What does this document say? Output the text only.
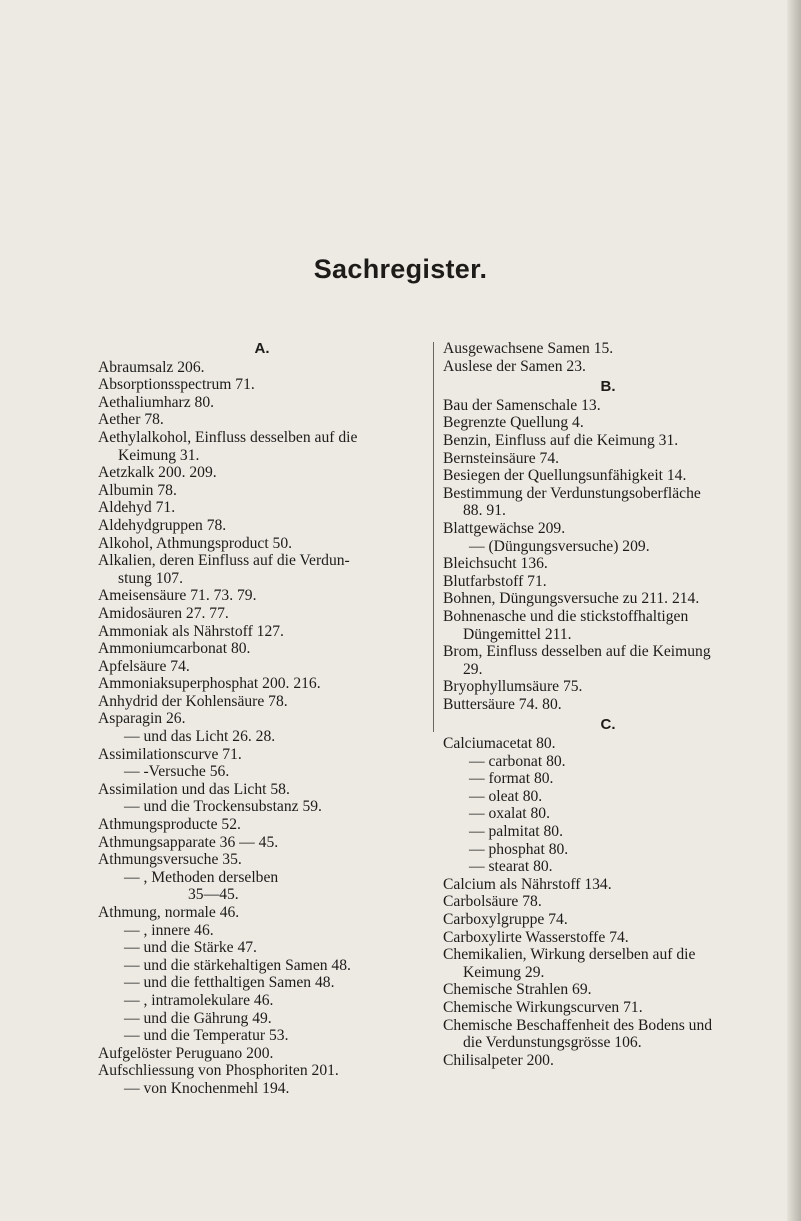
Sachregister.
A.
Abraumsalz 206.
Absorptionsspectrum 71.
Aethaliumharz 80.
Aether 78.
Aethylalkohol, Einfluss desselben auf die
Keimung 31.
Aetzkalk 200. 209.
Albumin 78.
Aldehyd 71.
Aldehydgruppen 78.
Alkohol, Athmungsproduct 50.
Alkalien, deren Einfluss auf die Verdun-
stung 107.
Ameisensäure 71. 73. 79.
Amidosäuren 27. 77.
Ammoniak als Nährstoff 127.
Ammoniumcarbonat 80.
Apfelsäure 74.
Ammoniaksuperphosphat 200. 216.
Anhydrid der Kohlensäure 78.
Asparagin 26.
— und das Licht 26. 28.
Assimilationscurve 71.
— -Versuche 56.
Assimilation und das Licht 58.
— und die Trockensubstanz 59.
Athmungsproducte 52.
Athmungsapparate 36 — 45.
Athmungsversuche 35.
— , Methoden derselben
35—45.
Athmung, normale 46.
— , innere 46.
— und die Stärke 47.
— und die stärkehaltigen Samen 48.
— und die fetthaltigen Samen 48.
— , intramolekulare 46.
— und die Gährung 49.
— und die Temperatur 53.
Aufgelöster Peruguano 200.
Aufschliessung von Phosphoriten 201.
— von Knochenmehl 194.
Ausgewachsene Samen 15.
Auslese der Samen 23.
B.
Bau der Samenschale 13.
Begrenzte Quellung 4.
Benzin, Einfluss auf die Keimung 31.
Bernsteinsäure 74.
Besiegen der Quellungsunfähigkeit 14.
Bestimmung der Verdunstungsoberfläche
88. 91.
Blattgewächse 209.
— (Düngungsversuche) 209.
Bleichsucht 136.
Blutfarbstoff 71.
Bohnen, Düngungsversuche zu 211. 214.
Bohnenasche und die stickstoffhaltigen
Düngemittel 211.
Brom, Einfluss desselben auf die Keimung
29.
Bryophyllumsäure 75.
Buttersäure 74. 80.
C.
Calciumacetat 80.
— carbonat 80.
— format 80.
— oleat 80.
— oxalat 80.
— palmitat 80.
— phosphat 80.
— stearat 80.
Calcium als Nährstoff 134.
Carbolsäure 78.
Carboxylgruppe 74.
Carboxylirte Wasserstoffe 74.
Chemikalien, Wirkung derselben auf die
Keimung 29.
Chemische Strahlen 69.
Chemische Wirkungscurven 71.
Chemische Beschaffenheit des Bodens und
die Verdunstungsgrösse 106.
Chilisalpeter 200.
